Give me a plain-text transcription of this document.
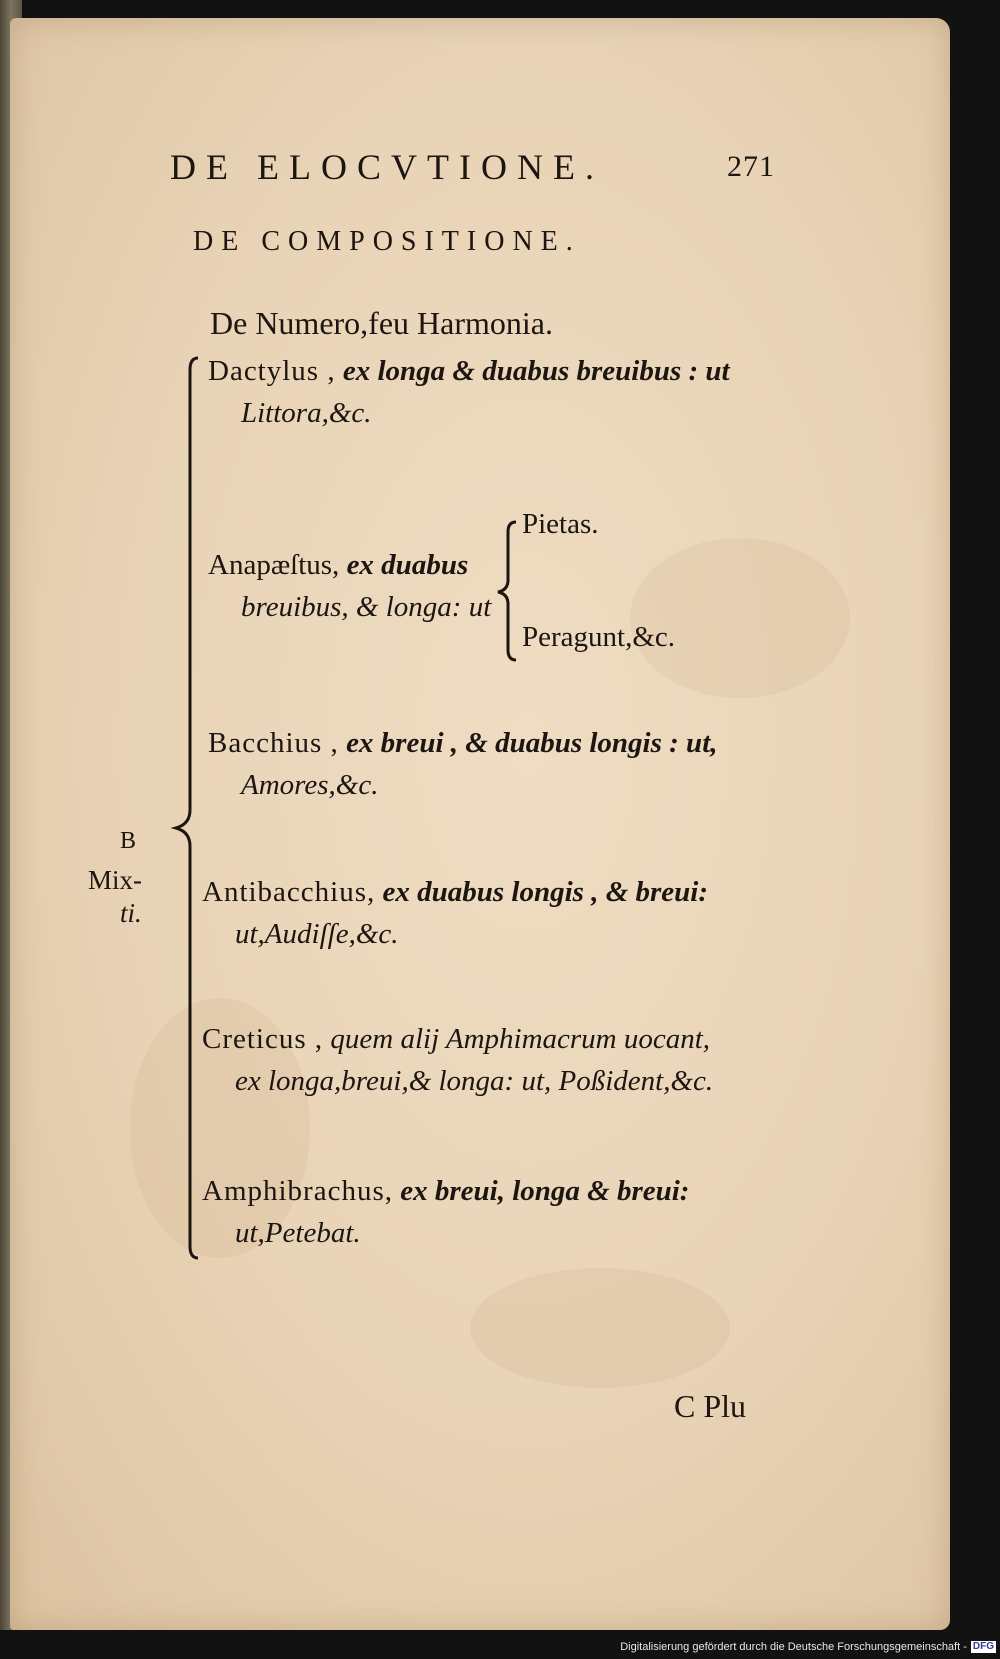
DE ELOCVTIONE.	271
DE COMPOSITIONE.
De Numero,feu Harmonia.
B
Mix-
ti.
Dactylus , ex longa & duabus breuibus : ut
Littora,&c.
Anapæſtus, ex duabus
breuibus, & longa: ut
Pietas.
Peragunt,&c.
Bacchius , ex breui , & duabus longis : ut,
Amores,&c.
Antibacchius, ex duabus longis , & breui:
ut,Audiſſe,&c.
Creticus , quem alij Amphimacrum uocant,
ex longa,breui,& longa: ut, Poßident,&c.
Amphibrachus, ex breui, longa & breui:
ut,Petebat.
C Plu
Digitalisierung gefördert durch die Deutsche Forschungsgemeinschaft - DFG
